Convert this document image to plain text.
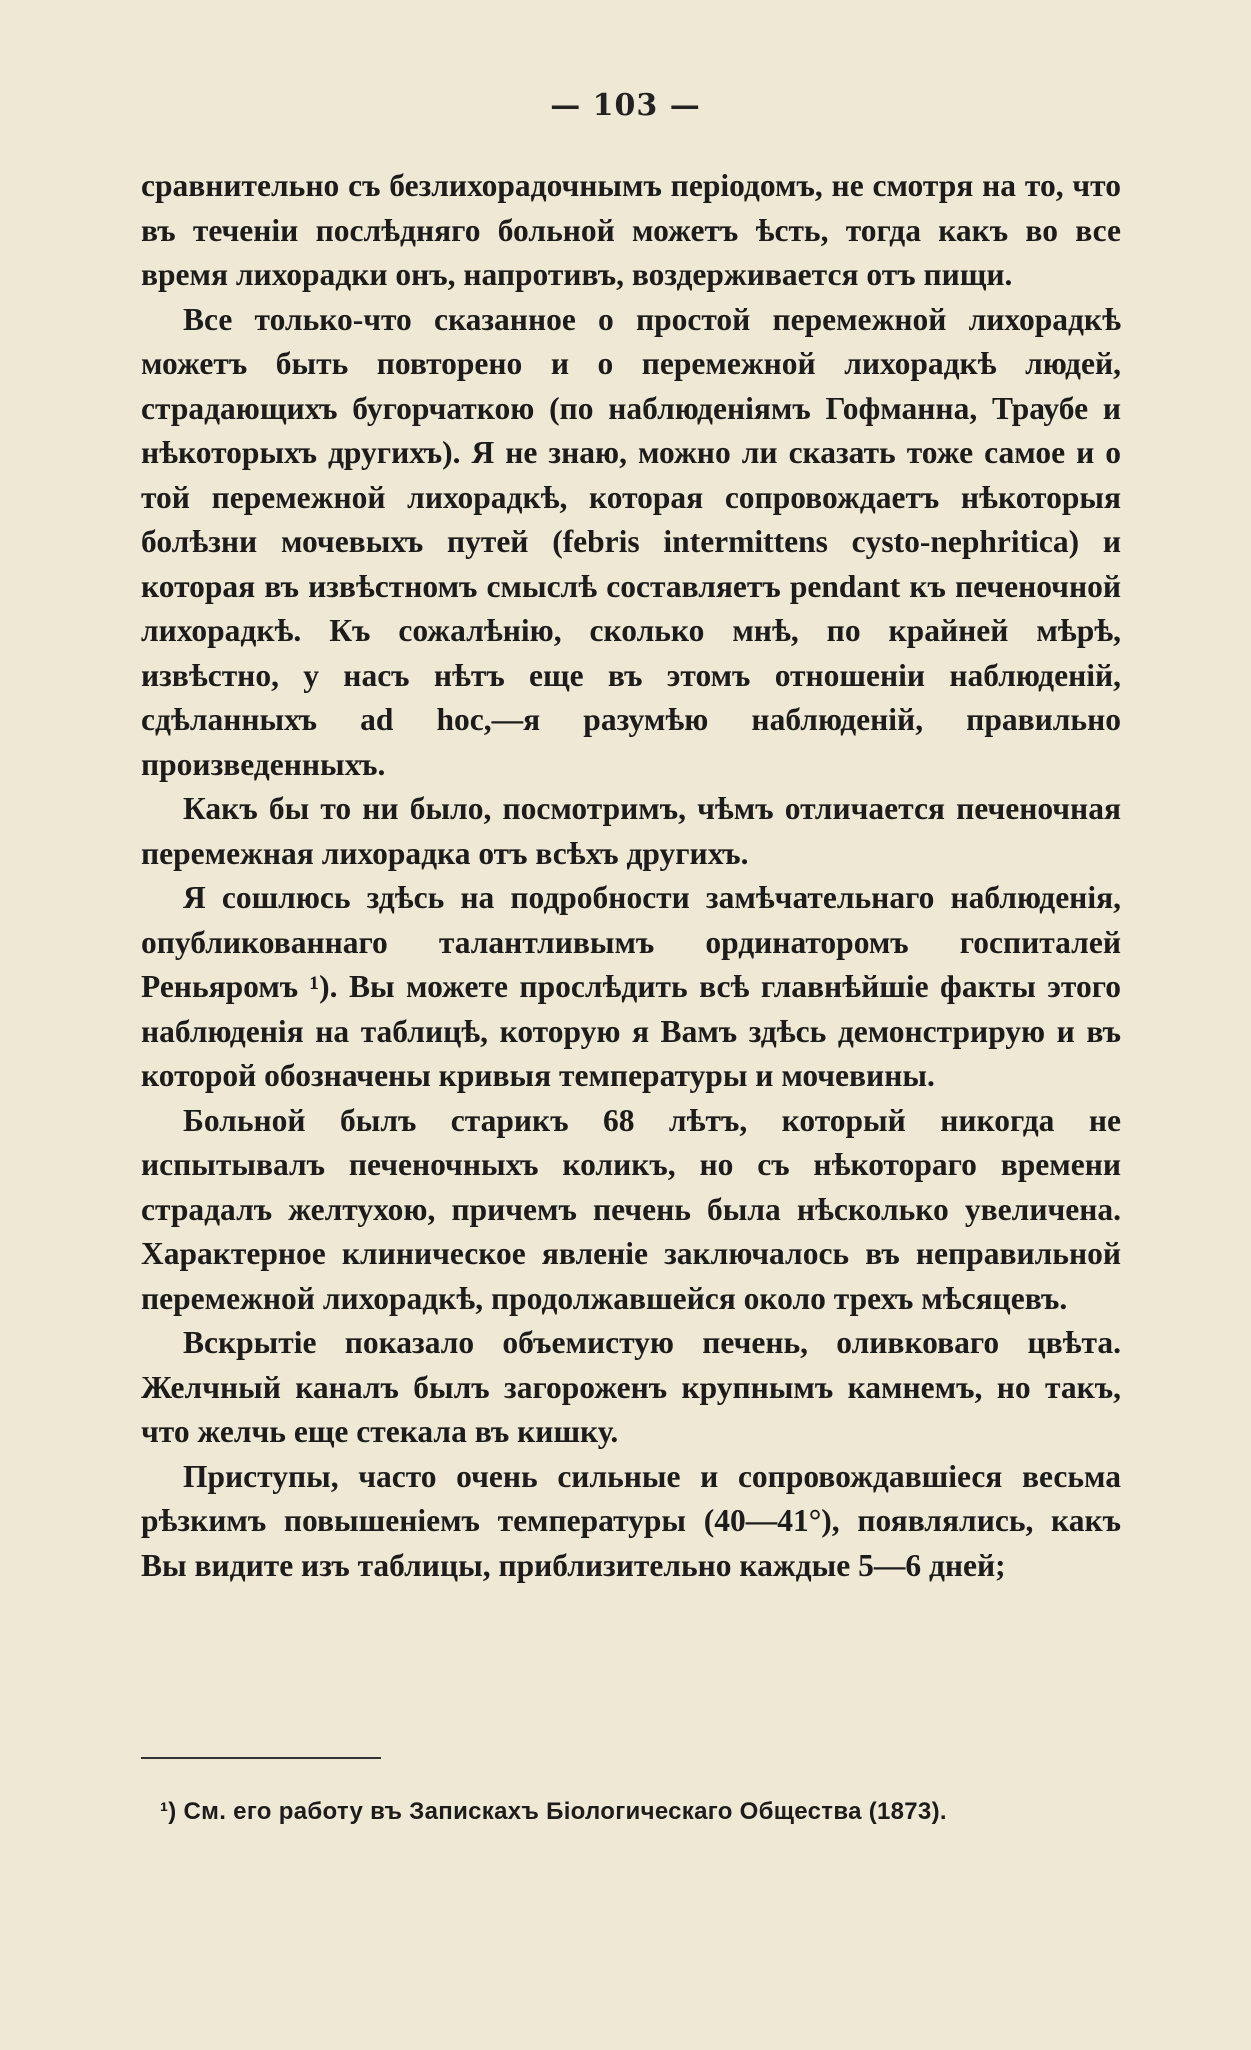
— 103 —

сравнительно съ безлихорадочнымъ періодомъ, не смотря на то, что въ теченіи послѣдняго больной можетъ ѣсть, тогда какъ во все время лихорадки онъ, напротивъ, воздерживается отъ пищи.

Все только-что сказанное о простой перемежной лихорадкѣ можетъ быть повторено и о перемежной лихорадкѣ людей, страдающихъ бугорчаткою (по наблюденіямъ Гофманна, Траубе и нѣкоторыхъ другихъ). Я не знаю, можно ли сказать тоже самое и о той перемежной лихорадкѣ, которая сопровождаетъ нѣкоторыя болѣзни мочевыхъ путей (febris intermittens cysto-nephritica) и которая въ извѣстномъ смыслѣ составляетъ pendant къ печеночной лихорадкѣ. Къ сожалѣнію, сколько мнѣ, по крайней мѣрѣ, извѣстно, у насъ нѣтъ еще въ этомъ отношеніи наблюденій, сдѣланныхъ ad hoc,—я разумѣю наблюденій, правильно произведенныхъ.

Какъ бы то ни было, посмотримъ, чѣмъ отличается печеночная перемежная лихорадка отъ всѣхъ другихъ.

Я сошлюсь здѣсь на подробности замѣчательнаго наблюденія, опубликованнаго талантливымъ ординаторомъ госпиталей Реньяромъ ¹). Вы можете прослѣдить всѣ главнѣйшіе факты этого наблюденія на таблицѣ, которую я Вамъ здѣсь демонстрирую и въ которой обозначены кривыя температуры и мочевины.

Больной былъ старикъ 68 лѣтъ, который никогда не испытывалъ печеночныхъ коликъ, но съ нѣкотораго времени страдалъ желтухою, причемъ печень была нѣсколько увеличена. Характерное клиническое явленіе заключалось въ неправильной перемежной лихорадкѣ, продолжавшейся около трехъ мѣсяцевъ.

Вскрытіе показало объемистую печень, оливковаго цвѣта. Желчный каналъ былъ загороженъ крупнымъ камнемъ, но такъ, что желчь еще стекала въ кишку.

Приступы, часто очень сильные и сопровождавшіеся весьма рѣзкимъ повышеніемъ температуры (40—41°), появлялись, какъ Вы видите изъ таблицы, приблизительно каждые 5—6 дней;

¹) См. его работу въ Запискахъ Біологическаго Общества (1873).
